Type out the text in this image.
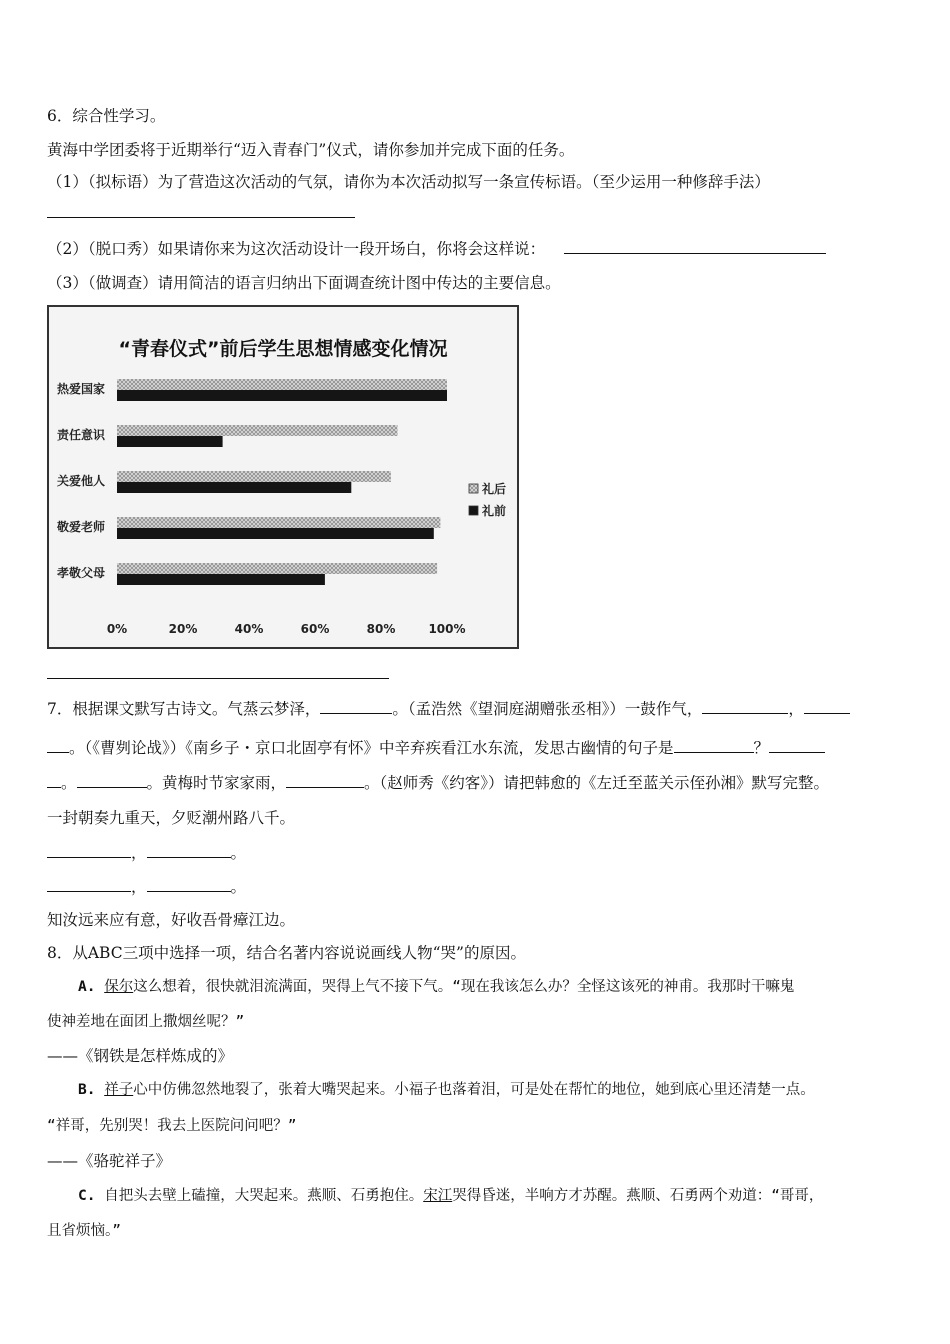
6．综合性学习。
黄海中学团委将于近期举行“迈入青春门”仪式，请你参加并完成下面的任务。
（1）（拟标语）为了营造这次活动的气氛，请你为本次活动拟写一条宣传标语。（至少运用一种修辞手法）
（2）（脱口秀）如果请你来为这次活动设计一段开场白，你将会这样说：
（3）（做调查）请用简洁的语言归纳出下面调查统计图中传达的主要信息。
“青春仪式”前后学生思想情感变化情况
热爱国家
责任意识
关爱他人
敬爱老师
孝敬父母
0%	20%	40%	60%	80%	100%
礼后
礼前
7．根据课文默写古诗文。气蒸云梦泽，	。（孟浩然《望洞庭湖赠张丞相》）一鼓作气，	，
。（《曹刿论战》）《南乡子・京口北固亭有怀》中辛弃疾看江水东流，发思古幽情的句子是	？
。	。黄梅时节家家雨，	。（赵师秀《约客》）请把韩愈的《左迁至蓝关示侄孙湘》默写完整。
一封朝奏九重天，夕贬潮州路八千。
，	。
，	。
知汝远来应有意，好收吾骨瘴江边。
8．从ABC三项中选择一项，结合名著内容说说画线人物“哭”的原因。
A. 保尔这么想着，很快就泪流满面，哭得上气不接下气。“现在我该怎么办？全怪这该死的神甫。我那时干嘛鬼
使神差地在面团上撒烟丝呢？”
——《钢铁是怎样炼成的》
B. 祥子心中仿佛忽然地裂了，张着大嘴哭起来。小福子也落着泪，可是处在帮忙的地位，她到底心里还清楚一点。
“祥哥，先别哭！我去上医院问问吧？”
——《骆驼祥子》
C. 自把头去壁上磕撞，大哭起来。燕顺、石勇抱住。宋江哭得昏迷，半响方才苏醒。燕顺、石勇两个劝道：“哥哥，
且省烦恼。”
